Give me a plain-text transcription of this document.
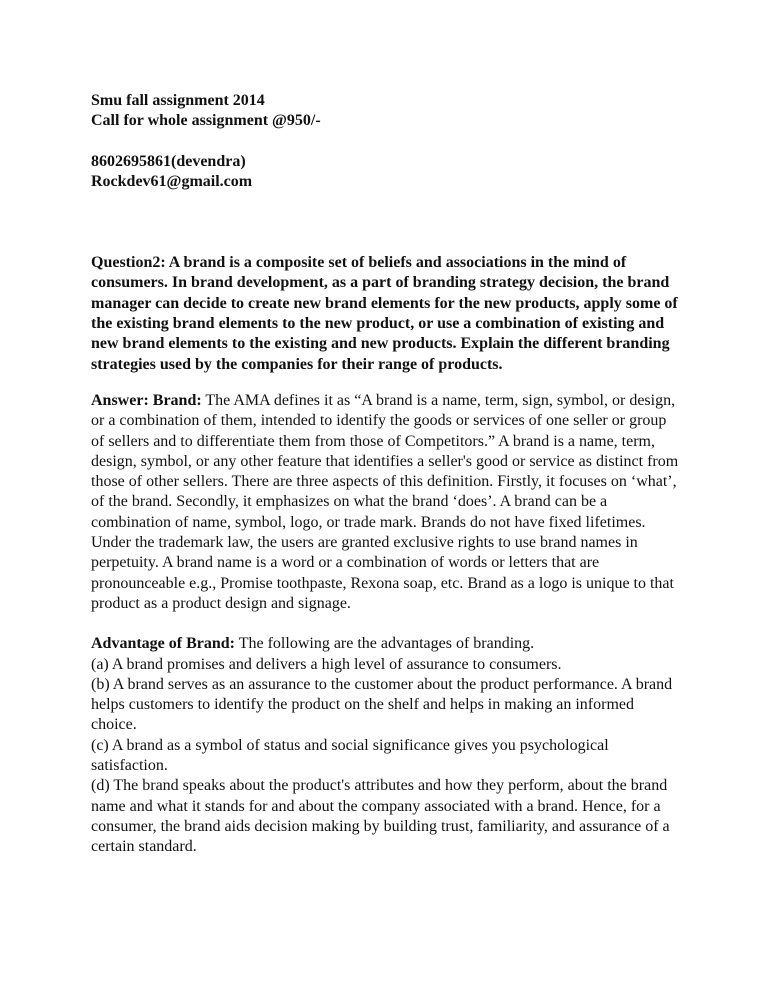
Smu fall assignment 2014

Call for whole assignment @950/-

8602695861(devendra)

Rockdev61@gmail.com

Question2: A brand is a composite set of beliefs and associations in the mind of consumers. In brand development, as a part of branding strategy decision, the brand manager can decide to create new brand elements for the new products, apply some of the existing brand elements to the new product, or use a combination of existing and new brand elements to the existing and new products. Explain the different branding strategies used by the companies for their range of products.

Answer: Brand: The AMA defines it as “A brand is a name, term, sign, symbol, or design, or a combination of them, intended to identify the goods or services of one seller or group of sellers and to differentiate them from those of Competitors.” A brand is a name, term, design, symbol, or any other feature that identifies a seller's good or service as distinct from those of other sellers. There are three aspects of this definition. Firstly, it focuses on ‘what’, of the brand. Secondly, it emphasizes on what the brand ‘does’. A brand can be a combination of name, symbol, logo, or trade mark. Brands do not have fixed lifetimes. Under the trademark law, the users are granted exclusive rights to use brand names in perpetuity. A brand name is a word or a combination of words or letters that are pronounceable e.g., Promise toothpaste, Rexona soap, etc. Brand as a logo is unique to that product as a product design and signage.

Advantage of Brand: The following are the advantages of branding.

(a) A brand promises and delivers a high level of assurance to consumers.

(b) A brand serves as an assurance to the customer about the product performance. A brand helps customers to identify the product on the shelf and helps in making an informed choice.

(c) A brand as a symbol of status and social significance gives you psychological satisfaction.

(d) The brand speaks about the product's attributes and how they perform, about the brand name and what it stands for and about the company associated with a brand. Hence, for a consumer, the brand aids decision making by building trust, familiarity, and assurance of a certain standard.
